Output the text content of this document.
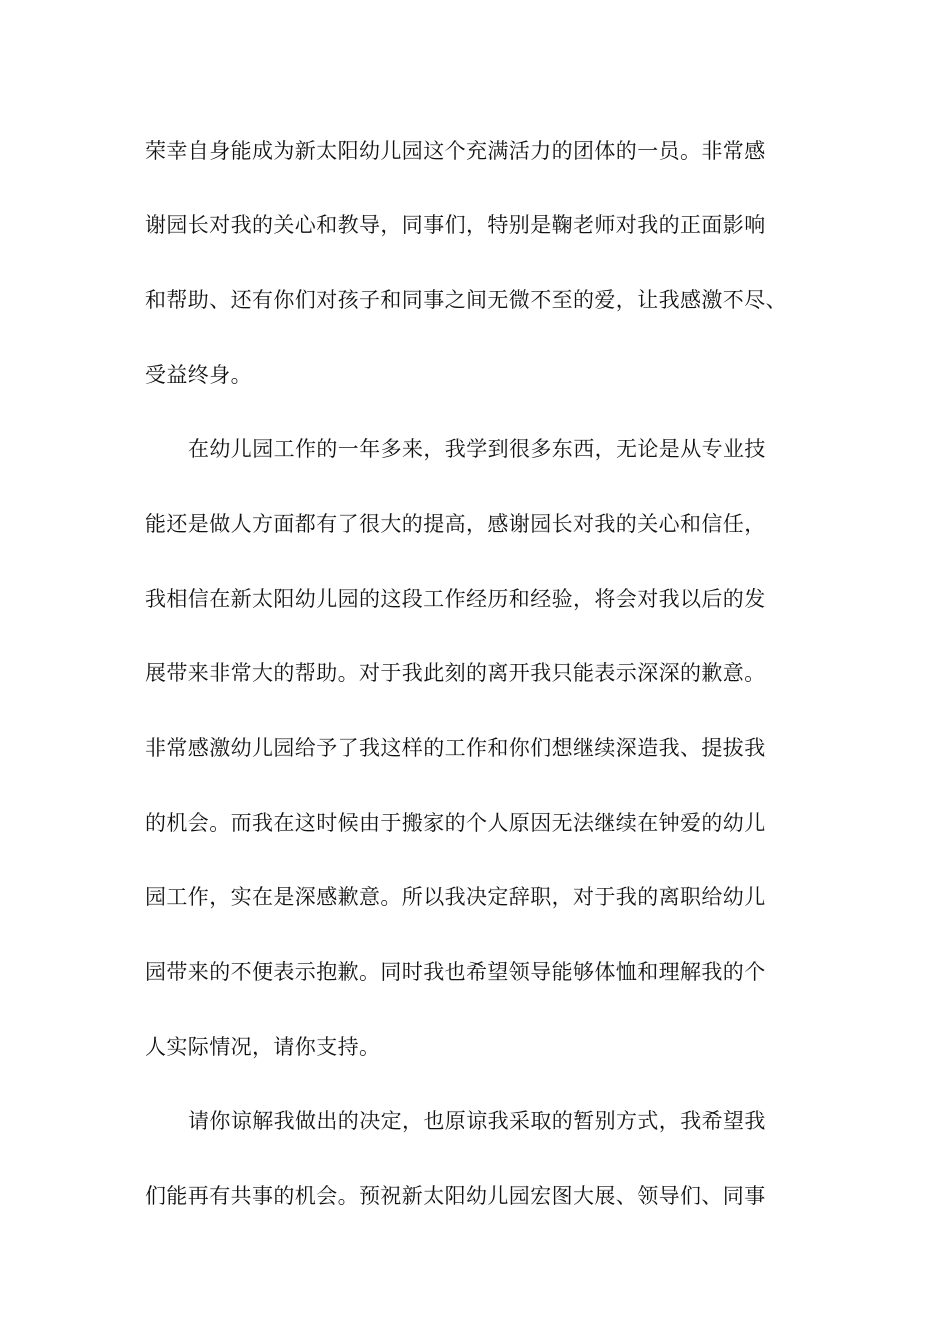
荣幸自身能成为新太阳幼儿园这个充满活力的团体的一员。非常感
谢园长对我的关心和教导，同事们，特别是鞠老师对我的正面影响
和帮助、还有你们对孩子和同事之间无微不至的爱，让我感激不尽、
受益终身。
在幼儿园工作的一年多来，我学到很多东西，无论是从专业技
能还是做人方面都有了很大的提高，感谢园长对我的关心和信任，
我相信在新太阳幼儿园的这段工作经历和经验，将会对我以后的发
展带来非常大的帮助。对于我此刻的离开我只能表示深深的歉意。
非常感激幼儿园给予了我这样的工作和你们想继续深造我、提拔我
的机会。而我在这时候由于搬家的个人原因无法继续在钟爱的幼儿
园工作，实在是深感歉意。所以我决定辞职，对于我的离职给幼儿
园带来的不便表示抱歉。同时我也希望领导能够体恤和理解我的个
人实际情况，请你支持。
请你谅解我做出的决定，也原谅我采取的暂别方式，我希望我
们能再有共事的机会。预祝新太阳幼儿园宏图大展、领导们、同事
